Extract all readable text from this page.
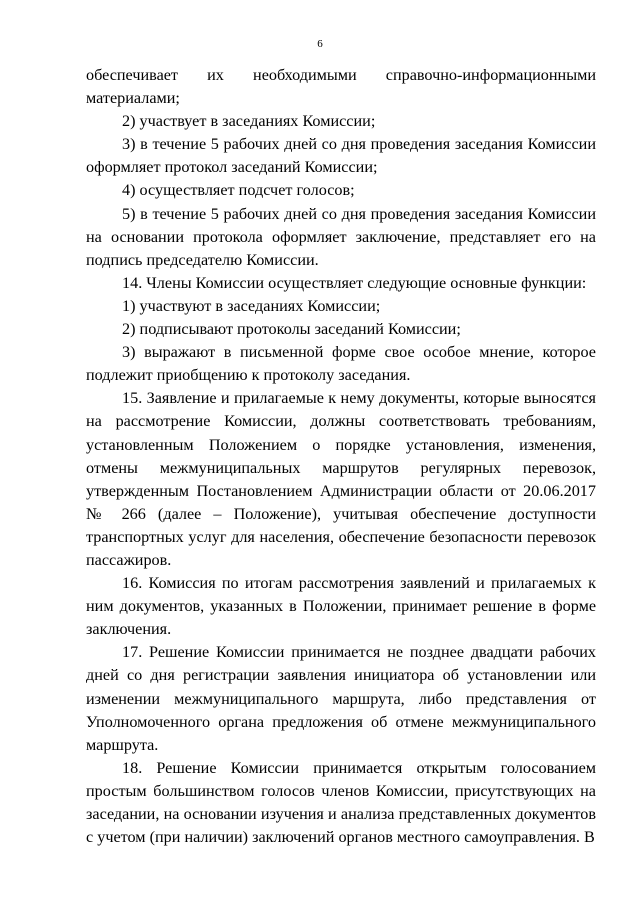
6

обеспечивает их необходимыми справочно-информационными материалами;

2) участвует в заседаниях Комиссии;

3) в течение 5 рабочих дней со дня проведения заседания Комиссии оформляет протокол заседаний Комиссии;

4) осуществляет подсчет голосов;

5) в течение 5 рабочих дней со дня проведения заседания Комиссии на основании протокола оформляет заключение, представляет его на подпись председателю Комиссии.

14. Члены Комиссии осуществляет следующие основные функции:

1) участвуют в заседаниях Комиссии;

2) подписывают протоколы заседаний Комиссии;

3) выражают в письменной форме свое особое мнение, которое подлежит приобщению к протоколу заседания.

15. Заявление и прилагаемые к нему документы, которые выносятся на рассмотрение Комиссии, должны соответствовать требованиям, установленным Положением о порядке установления, изменения, отмены межмуниципальных маршрутов регулярных перевозок, утвержденным Постановлением Администрации области от 20.06.2017 № 266 (далее – Положение), учитывая обеспечение доступности транспортных услуг для населения, обеспечение безопасности перевозок пассажиров.

16. Комиссия по итогам рассмотрения заявлений и прилагаемых к ним документов, указанных в Положении, принимает решение в форме заключения.

17. Решение Комиссии принимается не позднее двадцати рабочих дней со дня регистрации заявления инициатора об установлении или изменении межмуниципального маршрута, либо представления от Уполномоченного органа предложения об отмене межмуниципального маршрута.

18. Решение Комиссии принимается открытым голосованием простым большинством голосов членов Комиссии, присутствующих на заседании, на основании изучения и анализа представленных документов с учетом (при наличии) заключений органов местного самоуправления. В
